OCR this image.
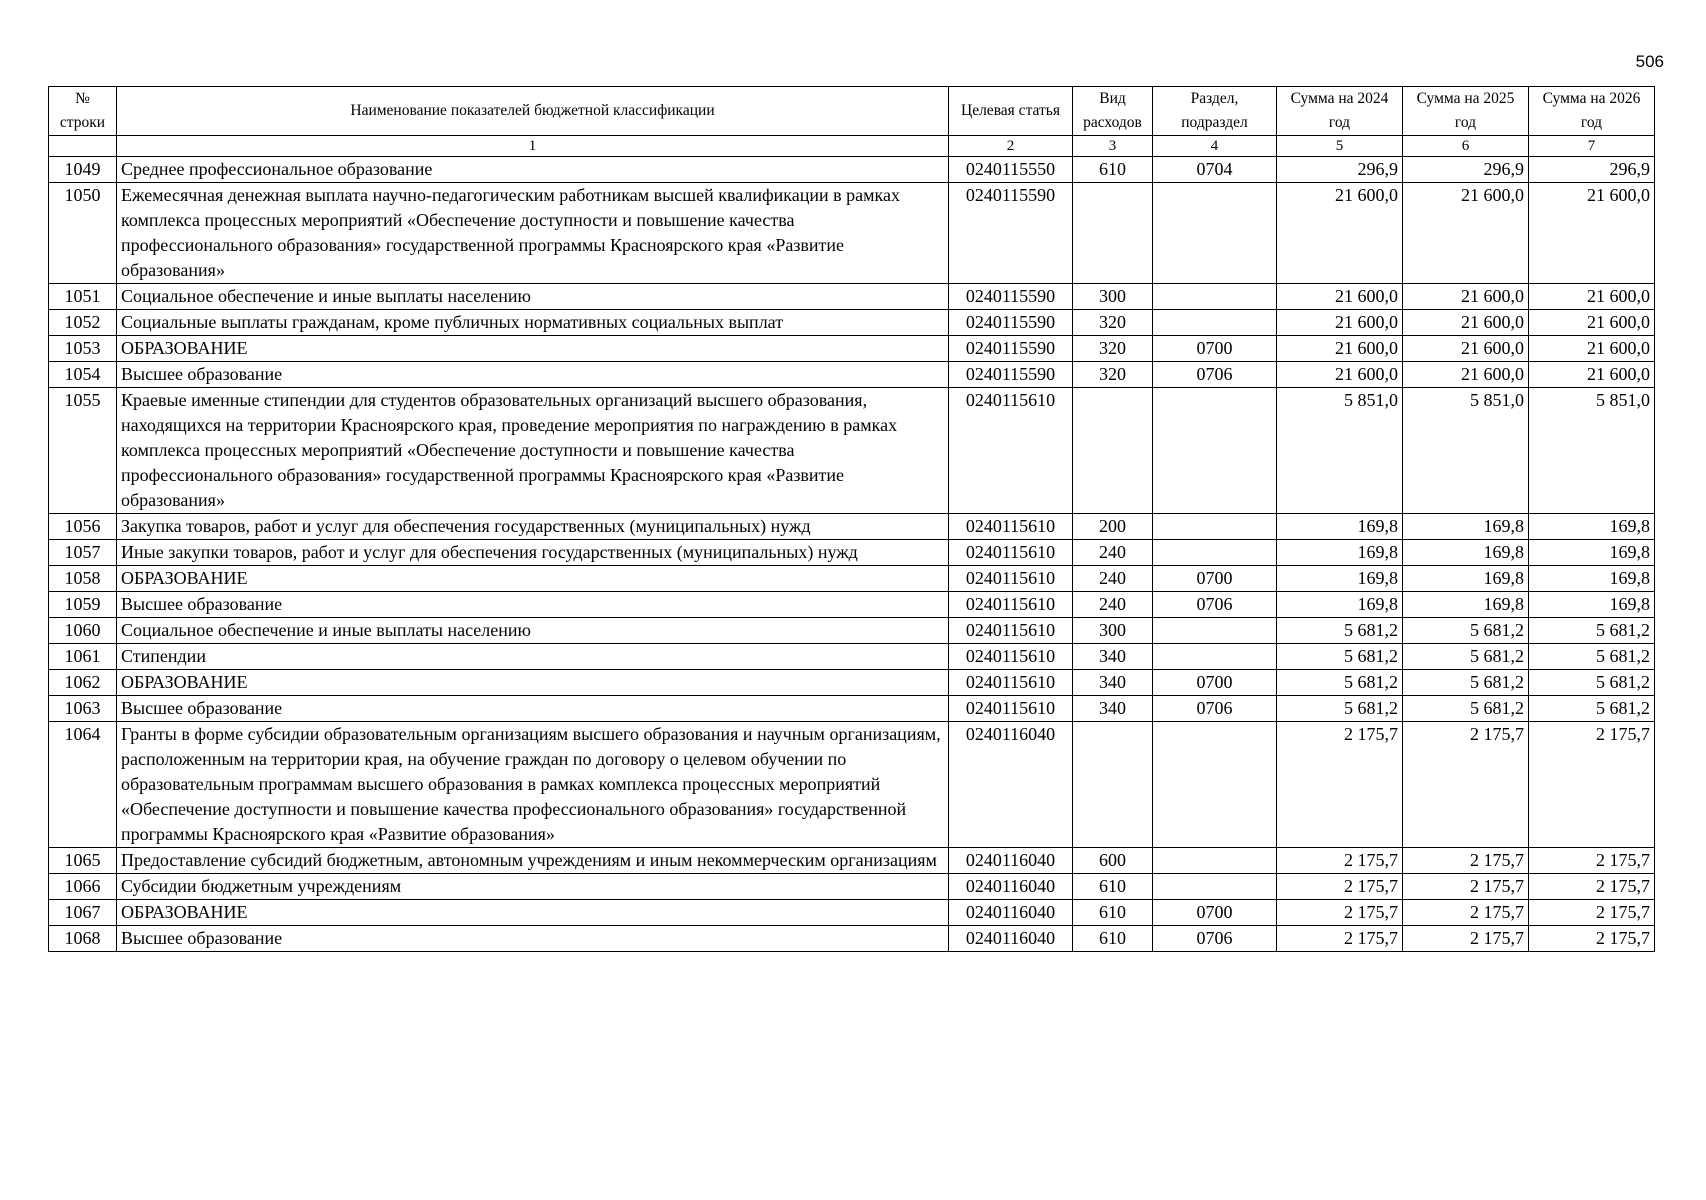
506
№ строки	Наименование показателей бюджетной классификации	Целевая статья	Вид расходов	Раздел, подраздел	Сумма на 2024 год	Сумма на 2025 год	Сумма на 2026 год
	1	2	3	4	5	6	7
1049	Среднее профессиональное образование	0240115550	610	0704	296,9	296,9	296,9
1050	Ежемесячная денежная выплата научно-педагогическим работникам высшей квалификации в рамках комплекса процессных мероприятий «Обеспечение доступности и повышение качества профессионального образования» государственной программы Красноярского края «Развитие образования»	0240115590			21 600,0	21 600,0	21 600,0
1051	Социальное обеспечение и иные выплаты населению	0240115590	300		21 600,0	21 600,0	21 600,0
1052	Социальные выплаты гражданам, кроме публичных нормативных социальных выплат	0240115590	320		21 600,0	21 600,0	21 600,0
1053	ОБРАЗОВАНИЕ	0240115590	320	0700	21 600,0	21 600,0	21 600,0
1054	Высшее образование	0240115590	320	0706	21 600,0	21 600,0	21 600,0
1055	Краевые именные стипендии для студентов образовательных организаций высшего образования, находящихся на территории Красноярского края, проведение мероприятия по награждению в рамках комплекса процессных мероприятий «Обеспечение доступности и повышение качества профессионального образования» государственной программы Красноярского края «Развитие образования»	0240115610			5 851,0	5 851,0	5 851,0
1056	Закупка товаров, работ и услуг для обеспечения государственных (муниципальных) нужд	0240115610	200		169,8	169,8	169,8
1057	Иные закупки товаров, работ и услуг для обеспечения государственных (муниципальных) нужд	0240115610	240		169,8	169,8	169,8
1058	ОБРАЗОВАНИЕ	0240115610	240	0700	169,8	169,8	169,8
1059	Высшее образование	0240115610	240	0706	169,8	169,8	169,8
1060	Социальное обеспечение и иные выплаты населению	0240115610	300		5 681,2	5 681,2	5 681,2
1061	Стипендии	0240115610	340		5 681,2	5 681,2	5 681,2
1062	ОБРАЗОВАНИЕ	0240115610	340	0700	5 681,2	5 681,2	5 681,2
1063	Высшее образование	0240115610	340	0706	5 681,2	5 681,2	5 681,2
1064	Гранты в форме субсидии образовательным организациям высшего образования и научным организациям, расположенным на территории края, на обучение граждан по договору о целевом обучении по образовательным программам высшего образования в рамках комплекса процессных мероприятий «Обеспечение доступности и повышение качества профессионального образования» государственной программы Красноярского края «Развитие образования»	0240116040			2 175,7	2 175,7	2 175,7
1065	Предоставление субсидий бюджетным, автономным учреждениям и иным некоммерческим организациям	0240116040	600		2 175,7	2 175,7	2 175,7
1066	Субсидии бюджетным учреждениям	0240116040	610		2 175,7	2 175,7	2 175,7
1067	ОБРАЗОВАНИЕ	0240116040	610	0700	2 175,7	2 175,7	2 175,7
1068	Высшее образование	0240116040	610	0706	2 175,7	2 175,7	2 175,7
